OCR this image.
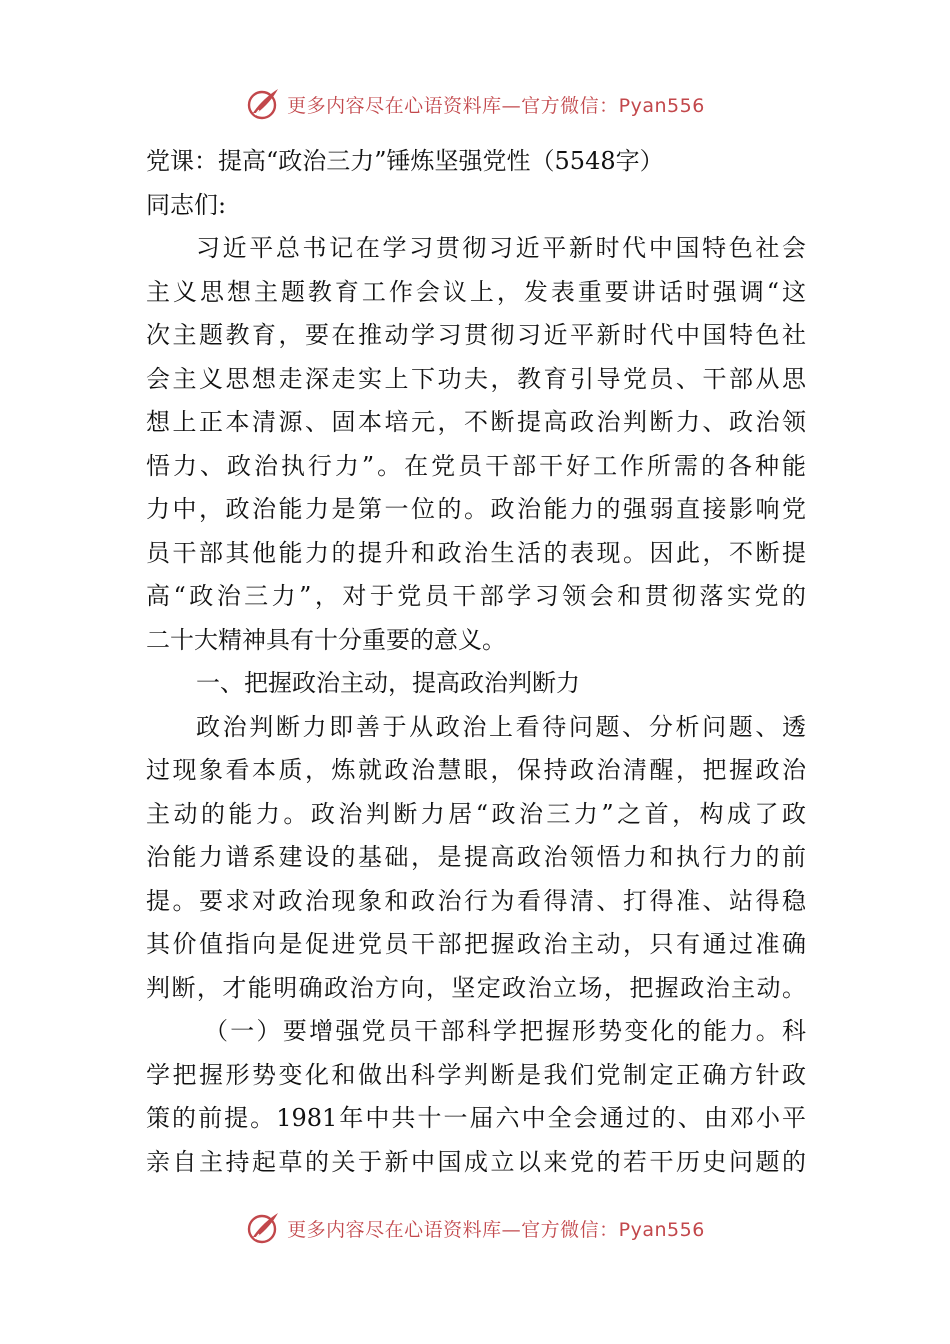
更多内容尽在心语资料库—官方微信：Pyan556
党课：提高“政治三力”锤炼坚强党性（5548字）
同志们:
习近平总书记在学习贯彻习近平新时代中国特色社会
主义思想主题教育工作会议上，发表重要讲话时强调“这
次主题教育，要在推动学习贯彻习近平新时代中国特色社
会主义思想走深走实上下功夫，教育引导党员、干部从思
想上正本清源、固本培元，不断提高政治判断力、政治领
悟力、政治执行力”。在党员干部干好工作所需的各种能
力中，政治能力是第一位的。政治能力的强弱直接影响党
员干部其他能力的提升和政治生活的表现。因此，不断提
高“政治三力”，对于党员干部学习领会和贯彻落实党的
二十大精神具有十分重要的意义。
一、把握政治主动，提高政治判断力
政治判断力即善于从政治上看待问题、分析问题、透
过现象看本质，炼就政治慧眼，保持政治清醒，把握政治
主动的能力。政治判断力居“政治三力”之首，构成了政
治能力谱系建设的基础，是提高政治领悟力和执行力的前
提。要求对政治现象和政治行为看得清、打得准、站得稳
其价值指向是促进党员干部把握政治主动，只有通过准确
判断，才能明确政治方向，坚定政治立场，把握政治主动。
（一）要增强党员干部科学把握形势变化的能力。科
学把握形势变化和做出科学判断是我们党制定正确方针政
策的前提。1981年中共十一届六中全会通过的、由邓小平
亲自主持起草的关于新中国成立以来党的若干历史问题的
更多内容尽在心语资料库—官方微信：Pyan556
